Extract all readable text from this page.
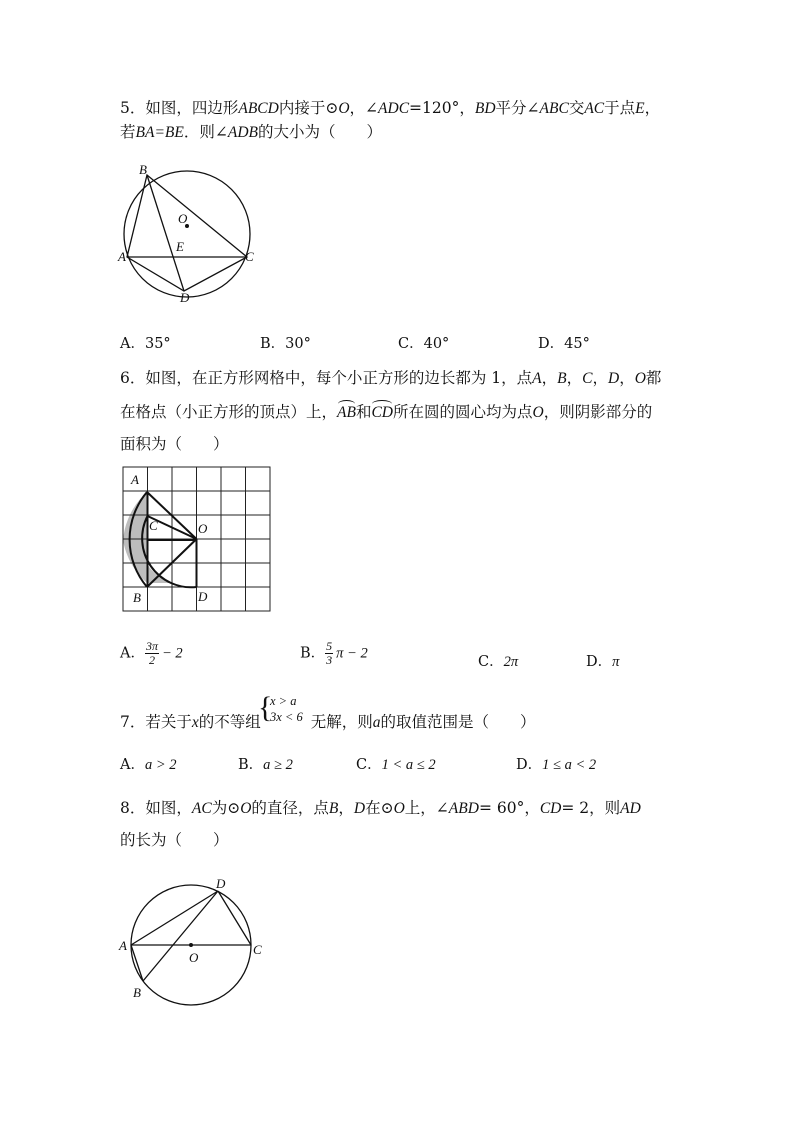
5．如图，四边形ABCD内接于⊙O，∠ADC=120°，BD平分∠ABC交AC于点E，
若BA=BE．则∠ADB的大小为（　　）
B
O
E
A	C
D
A．35°	B．30°	C．40°	D．45°
6．如图，在正方形网格中，每个小正方形的边长都为 1，点A，B，C，D，O都
在格点（小正方形的顶点）上，AB和CD所在圆的圆心均为点O，则阴影部分的
面积为（　　）
A
C	O
B	D
A． $\frac{3\pi}{2} - 2$	B． $\frac{5}{3}$ π − 2
C．2π	D．π
7．若关于x的不等组	无解，则a的取值范围是（　　）
{
x > a
3x < 6
A．a > 2	B．a ≥ 2	C．1 < a ≤ 2	D．1 ≤ a < 2
8．如图，AC为⊙O的直径，点B，D在⊙O上，∠ABD= 60°，CD= 2，则AD
的长为（　　）
D
A	C
O
B
